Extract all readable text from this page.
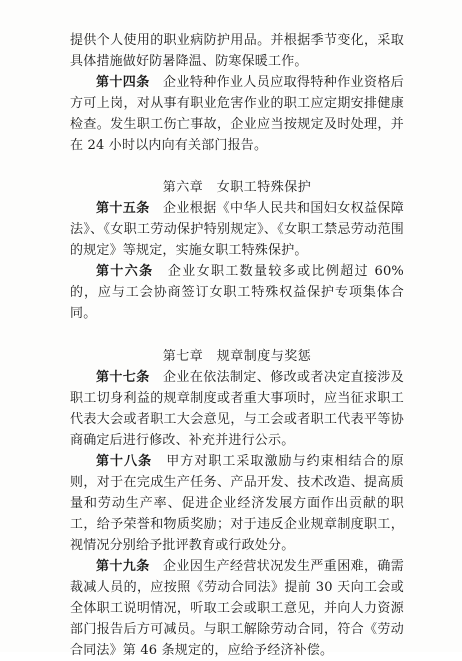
提供个人使用的职业病防护用品。并根据季节变化，采取具体措施做好防暑降温、防寒保暖工作。

第十四条　 企业特种作业人员应取得特种作业资格后方可上岗，对从事有职业危害作业的职工应定期安排健康检查。发生职工伤亡事故，企业应当按规定及时处理，并在 24 小时以内向有关部门报告。

第六章　女职工特殊保护

第十五条　 企业根据《中华人民共和国妇女权益保障法》、《女职工劳动保护特别规定》、《女职工禁忌劳动范围的规定》等规定，实施女职工特殊保护。

第十六条　 企业女职工数量较多或比例超过 60%的，应与工会协商签订女职工特殊权益保护专项集体合同。

第七章　规章制度与奖惩

第十七条　 企业在依法制定、修改或者决定直接涉及职工切身利益的规章制度或者重大事项时，应当征求职工代表大会或者职工大会意见，与工会或者职工代表平等协商确定后进行修改、补充并进行公示。

第十八条　 甲方对职工采取激励与约束相结合的原则，对于在完成生产任务、产品开发、技术改造、提高质量和劳动生产率、促进企业经济发展方面作出贡献的职工，给予荣誉和物质奖励；对于违反企业规章制度职工，视情况分别给予批评教育或行政处分。

第十九条　 企业因生产经营状况发生严重困难，确需裁减人员的，应按照《劳动合同法》提前 30 天向工会或全体职工说明情况，听取工会或职工意见，并向人力资源部门报告后方可减员。与职工解除劳动合同，符合《劳动合同法》第 46 条规定的，应给予经济补偿。
